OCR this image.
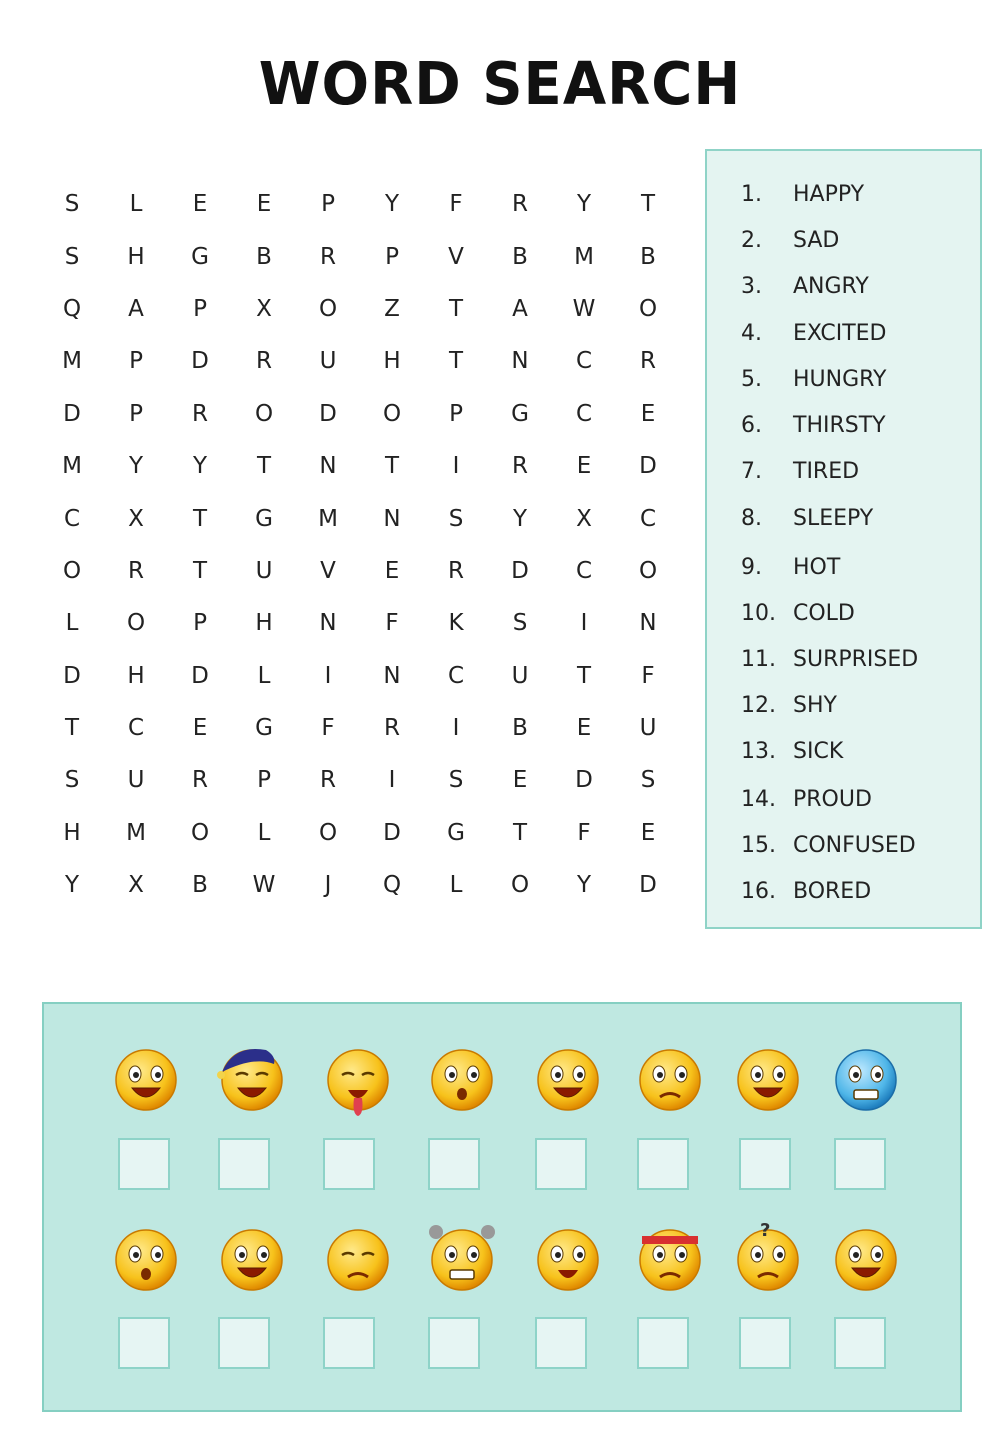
WORD SEARCH
S	L	E	E	P	Y	F	R	Y	T
S	H	G	B	R	P	V	B	M	B
Q	A	P	X	O	Z	T	A	W	O
M	P	D	R	U	H	T	N	C	R
D	P	R	O	D	O	P	G	C	E
M	Y	Y	T	N	T	I	R	E	D
C	X	T	G	M	N	S	Y	X	C
O	R	T	U	V	E	R	D	C	O
L	O	P	H	N	F	K	S	I	N
D	H	D	L	I	N	C	U	T	F
T	C	E	G	F	R	I	B	E	U
S	U	R	P	R	I	S	E	D	S
H	M	O	L	O	D	G	T	F	E
Y	X	B	W	J	Q	L	O	Y	D
1.	HAPPY
2.	SAD
3.	ANGRY
4.	EXCITED
5.	HUNGRY
6.	THIRSTY
7.	TIRED
8.	SLEEPY
9.	HOT
10. COLD
11. SURPRISED
12. SHY
13. SICK
14. PROUD
15. CONFUSED
16. BORED
?
